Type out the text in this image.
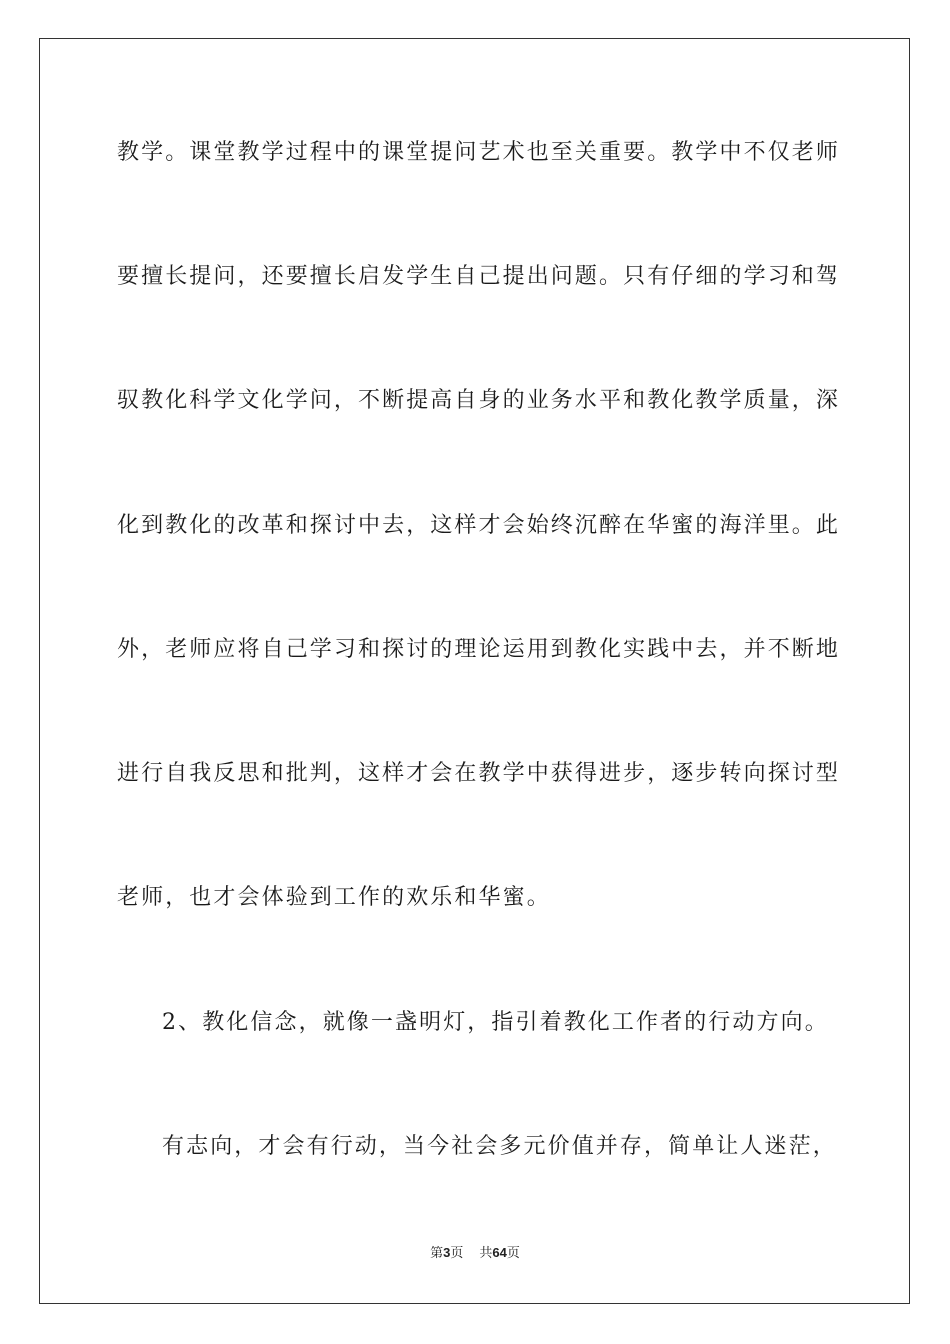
教学。课堂教学过程中的课堂提问艺术也至关重要。教学中不仅老师
要擅长提问，还要擅长启发学生自己提出问题。只有仔细的学习和驾
驭教化科学文化学问，不断提高自身的业务水平和教化教学质量，深
化到教化的改革和探讨中去，这样才会始终沉醉在华蜜的海洋里。此
外，老师应将自己学习和探讨的理论运用到教化实践中去，并不断地
进行自我反思和批判，这样才会在教学中获得进步，逐步转向探讨型
老师，也才会体验到工作的欢乐和华蜜。
2、教化信念，就像一盏明灯，指引着教化工作者的行动方向。
有志向，才会有行动，当今社会多元价值并存，简单让人迷茫，
第3页 共64页
